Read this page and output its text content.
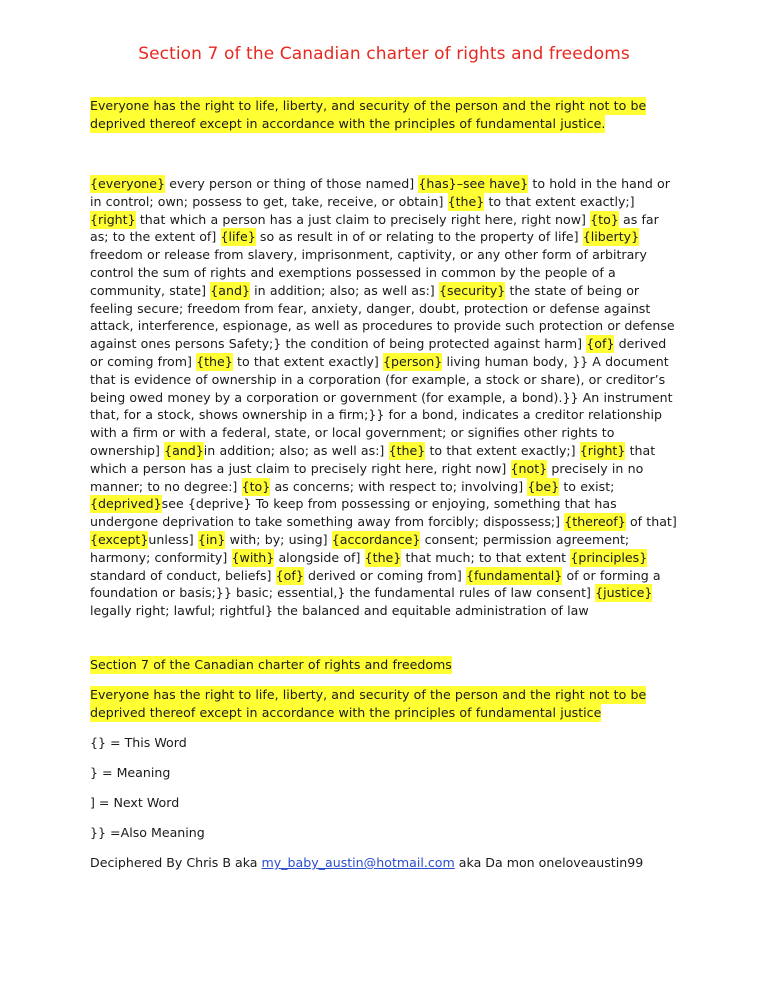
Section 7 of the Canadian charter of rights and freedoms

Everyone has the right to life, liberty, and security of the person and the right not to be deprived thereof except in accordance with the principles of fundamental justice.

{everyone} every person or thing of those named] {has}–see have} to hold in the hand or in control; own; possess to get, take, receive, or obtain] {the} to that extent exactly;] {right} that which a person has a just claim to precisely right here, right now] {to} as far as; to the extent of] {life} so as result in of or relating to the property of life] {liberty} freedom or release from slavery, imprisonment, captivity, or any other form of arbitrary control the sum of rights and exemptions possessed in common by the people of a community, state] {and} in addition; also; as well as:] {security} the state of being or feeling secure; freedom from fear, anxiety, danger, doubt, protection or defense against attack, interference, espionage, as well as procedures to provide such protection or defense against ones persons Safety;} the condition of being protected against harm] {of} derived or coming from] {the} to that extent exactly] {person} living human body, }} A document that is evidence of ownership in a corporation (for example, a stock or share), or creditor’s being owed money by a corporation or government (for example, a bond).}} An instrument that, for a stock, shows ownership in a firm;}} for a bond, indicates a creditor relationship with a firm or with a federal, state, or local government; or signifies other rights to ownership] {and}in addition; also; as well as:] {the} to that extent exactly;] {right} that which a person has a just claim to precisely right here, right now] {not} precisely in no manner; to no degree:] {to} as concerns; with respect to; involving] {be} to exist; {deprived}see {deprive} To keep from possessing or enjoying, something that has undergone deprivation to take something away from forcibly; dispossess;] {thereof} of that] {except}unless] {in} with; by; using] {accordance} consent; permission agreement; harmony; conformity] {with} alongside of] {the} that much; to that extent {principles} standard of conduct, beliefs] {of} derived or coming from] {fundamental} of or forming a foundation or basis;}} basic; essential,} the fundamental rules of law consent] {justice} legally right; lawful; rightful} the balanced and equitable administration of law

Section 7 of the Canadian charter of rights and freedoms

Everyone has the right to life, liberty, and security of the person and the right not to be deprived thereof except in accordance with the principles of fundamental justice

{} = This Word
} = Meaning
] = Next Word
}} =Also Meaning
Deciphered By Chris B aka my_baby_austin@hotmail.com aka Da mon oneloveaustin99
